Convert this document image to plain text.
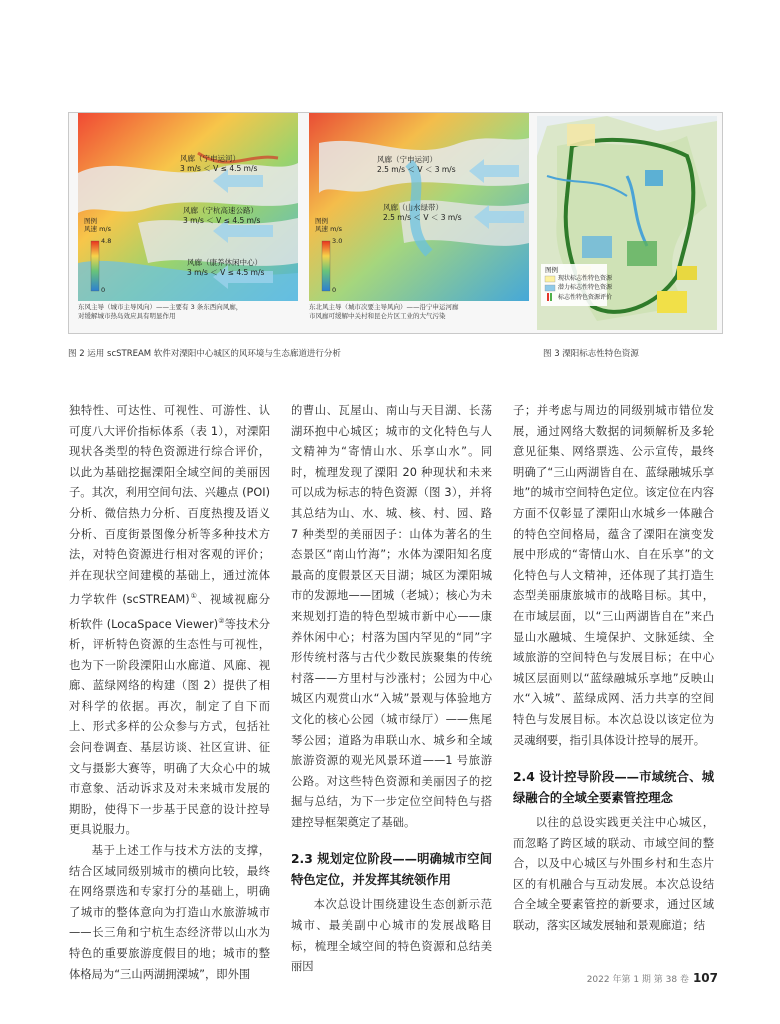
风廊（宁申运河）
3 m/s ＜ V ≤ 4.5 m/s
风廊（宁杭高速公路）
3 m/s ＜ V ≤ 4.5 m/s
风廊（康养休闲中心）
3 m/s ＜ V ≤ 4.5 m/s
图例
风速 m/s
4.8
0
东风主导（城市主导风向）——主要有 3 条东西向风廊，
对缓解城市热岛效应具有明显作用
风廊（宁申运河）
2.5 m/s ＜ V ＜ 3 m/s
风廊（山水绿带）
2.5 m/s ＜ V ＜ 3 m/s
图例
风速 m/s
3.0
0
东北风主导（城市次要主导风向）——沿宁申运河廊
市风廊可缓解中关村和昆仑片区工业的大气污染
图例
现状标志性特色资源
潜力标志性特色资源
标志性特色资源评价
图 2 运用 scSTREAM 软件对溧阳中心城区的风环境与生态廊道进行分析	图 3 溧阳标志性特色资源

独特性、可达性、可视性、可游性、认可度八大评价指标体系（表 1），对溧阳现状各类型的特色资源进行综合评价，以此为基础挖掘溧阳全域空间的美丽因子。其次，利用空间句法、兴趣点 (POI) 分析、微信热力分析、百度热搜及语义分析、百度街景图像分析等多种技术方法，对特色资源进行相对客观的评价；并在现状空间建模的基础上，通过流体力学软件 (scSTREAM)①、视域视廊分析软件 (LocaSpace Viewer)②等技术分析，评析特色资源的生态性与可视性，也为下一阶段溧阳山水廊道、风廊、视廊、蓝绿网络的构建（图 2）提供了相对科学的依据。再次，制定了自下而上、形式多样的公众参与方式，包括社会问卷调查、基层访谈、社区宣讲、征文与摄影大赛等，明确了大众心中的城市意象、活动诉求及对未来城市发展的期盼，使得下一步基于民意的设计控导更具说服力。

基于上述工作与技术方法的支撑，结合区域同级别城市的横向比较，最终在网络票选和专家打分的基础上，明确了城市的整体意向为打造山水旅游城市——长三角和宁杭生态经济带以山水为特色的重要旅游度假目的地；城市的整体格局为“三山两湖拥溧城”，即外围

的曹山、瓦屋山、南山与天目湖、长荡湖环抱中心城区；城市的文化特色与人文精神为“寄情山水、乐享山水”。同时，梳理发现了溧阳 20 种现状和未来可以成为标志的特色资源（图 3），并将其总结为山、水、城、核、村、园、路 7 种类型的美丽因子：山体为著名的生态景区“南山竹海”；水体为溧阳知名度最高的度假景区天目湖；城区为溧阳城市的发源地——团城（老城）；核心为未来规划打造的特色型城市新中心——康养休闲中心；村落为国内罕见的“同”字形传统村落与古代少数民族聚集的传统村落——方里村与沙涨村；公园为中心城区内观赏山水“入城”景观与体验地方文化的核心公园（城市绿厅）——焦尾琴公园；道路为串联山水、城乡和全域旅游资源的观光风景环道——1 号旅游公路。对这些特色资源和美丽因子的挖掘与总结，为下一步定位空间特色与搭建控导框架奠定了基础。

2.3 规划定位阶段——明确城市空间特色定位，并发挥其统领作用

本次总设计围绕建设生态创新示范城市、最美副中心城市的发展战略目标，梳理全域空间的特色资源和总结美丽因

子；并考虑与周边的同级别城市错位发展，通过网络大数据的词频解析及多轮意见征集、网络票选、公示宣传，最终明确了“三山两湖皆自在、蓝绿融城乐享地”的城市空间特色定位。该定位在内容方面不仅彰显了溧阳山水城乡一体融合的特色空间格局，蕴含了溧阳在演变发展中形成的“寄情山水、自在乐享”的文化特色与人文精神，还体现了其打造生态型美丽康旅城市的战略目标。其中，在市域层面，以“三山两湖皆自在”来凸显山水融城、生境保护、文脉延续、全域旅游的空间特色与发展目标；在中心城区层面则以“蓝绿融城乐享地”反映山水“入城”、蓝绿成网、活力共享的空间特色与发展目标。本次总设以该定位为灵魂纲要，指引具体设计控导的展开。

2.4 设计控导阶段——市域统合、城绿融合的全域全要素管控理念

以往的总设实践更关注中心城区，而忽略了跨区域的联动、市域空间的整合，以及中心城区与外围乡村和生态片区的有机融合与互动发展。本次总设结合全域全要素管控的新要求，通过区域联动，落实区域发展轴和景观廊道；结

2022 年第 1 期 第 38 卷 107
